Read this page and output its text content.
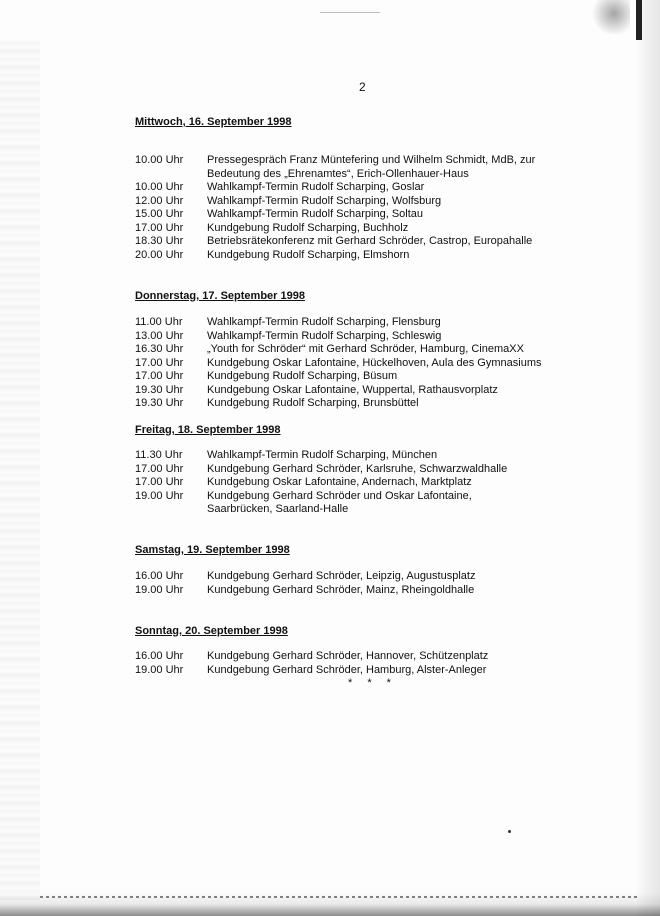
2
Mittwoch, 16. September 1998
10.00 Uhr Pressegespräch Franz Müntefering und Wilhelm Schmidt, MdB, zur
Bedeutung des „Ehrenamtes“, Erich-Ollenhauer-Haus
10.00 Uhr Wahlkampf-Termin Rudolf Scharping, Goslar
12.00 Uhr Wahlkampf-Termin Rudolf Scharping, Wolfsburg
15.00 Uhr Wahlkampf-Termin Rudolf Scharping, Soltau
17.00 Uhr Kundgebung Rudolf Scharping, Buchholz
18.30 Uhr Betriebsrätekonferenz mit Gerhard Schröder, Castrop, Europahalle
20.00 Uhr Kundgebung Rudolf Scharping, Elmshorn
Donnerstag, 17. September 1998
11.00 Uhr Wahlkampf-Termin Rudolf Scharping, Flensburg
13.00 Uhr Wahlkampf-Termin Rudolf Scharping, Schleswig
16.30 Uhr „Youth for Schröder“ mit Gerhard Schröder, Hamburg, CinemaXX
17.00 Uhr Kundgebung Oskar Lafontaine, Hückelhoven, Aula des Gymnasiums
17.00 Uhr Kundgebung Rudolf Scharping, Büsum
19.30 Uhr Kundgebung Oskar Lafontaine, Wuppertal, Rathausvorplatz
19.30 Uhr Kundgebung Rudolf Scharping, Brunsbüttel
Freitag, 18. September 1998
11.30 Uhr Wahlkampf-Termin Rudolf Scharping, München
17.00 Uhr Kundgebung Gerhard Schröder, Karlsruhe, Schwarzwaldhalle
17.00 Uhr Kundgebung Oskar Lafontaine, Andernach, Marktplatz
19.00 Uhr Kundgebung Gerhard Schröder und Oskar Lafontaine,
Saarbrücken, Saarland-Halle
Samstag, 19. September 1998
16.00 Uhr Kundgebung Gerhard Schröder, Leipzig, Augustusplatz
19.00 Uhr Kundgebung Gerhard Schröder, Mainz, Rheingoldhalle
Sonntag, 20. September 1998
16.00 Uhr Kundgebung Gerhard Schröder, Hannover, Schützenplatz
19.00 Uhr Kundgebung Gerhard Schröder, Hamburg, Alster-Anleger
* * *
